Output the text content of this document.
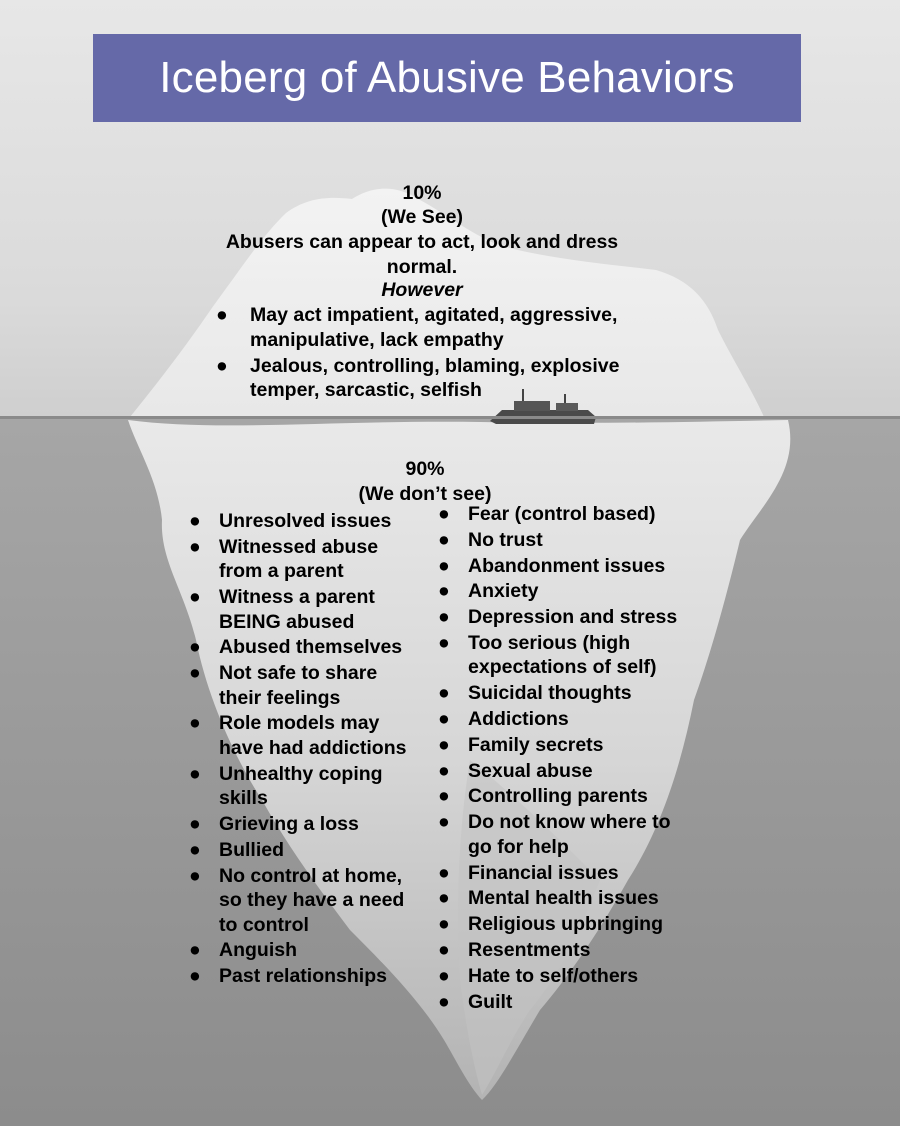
Iceberg of Abusive Behaviors
10%
(We See)
Abusers can appear to act, look and dress
normal.
However
● May act impatient, agitated, aggressive,
manipulative, lack empathy
● Jealous, controlling, blaming, explosive
temper, sarcastic, selfish
90%
(We don’t see)
● Unresolved issues
● Witnessed abuse
from a parent
● Witness a parent
BEING abused
● Abused themselves
● Not safe to share
their feelings
● Role models may
have had addictions
● Unhealthy coping
skills
● Grieving a loss
● Bullied
● No control at home,
so they have a need
to control
● Anguish
● Past relationships
● Fear (control based)
● No trust
● Abandonment issues
● Anxiety
● Depression and stress
● Too serious (high
expectations of self)
● Suicidal thoughts
● Addictions
● Family secrets
● Sexual abuse
● Controlling parents
● Do not know where to
go for help
● Financial issues
● Mental health issues
● Religious upbringing
● Resentments
● Hate to self/others
● Guilt
